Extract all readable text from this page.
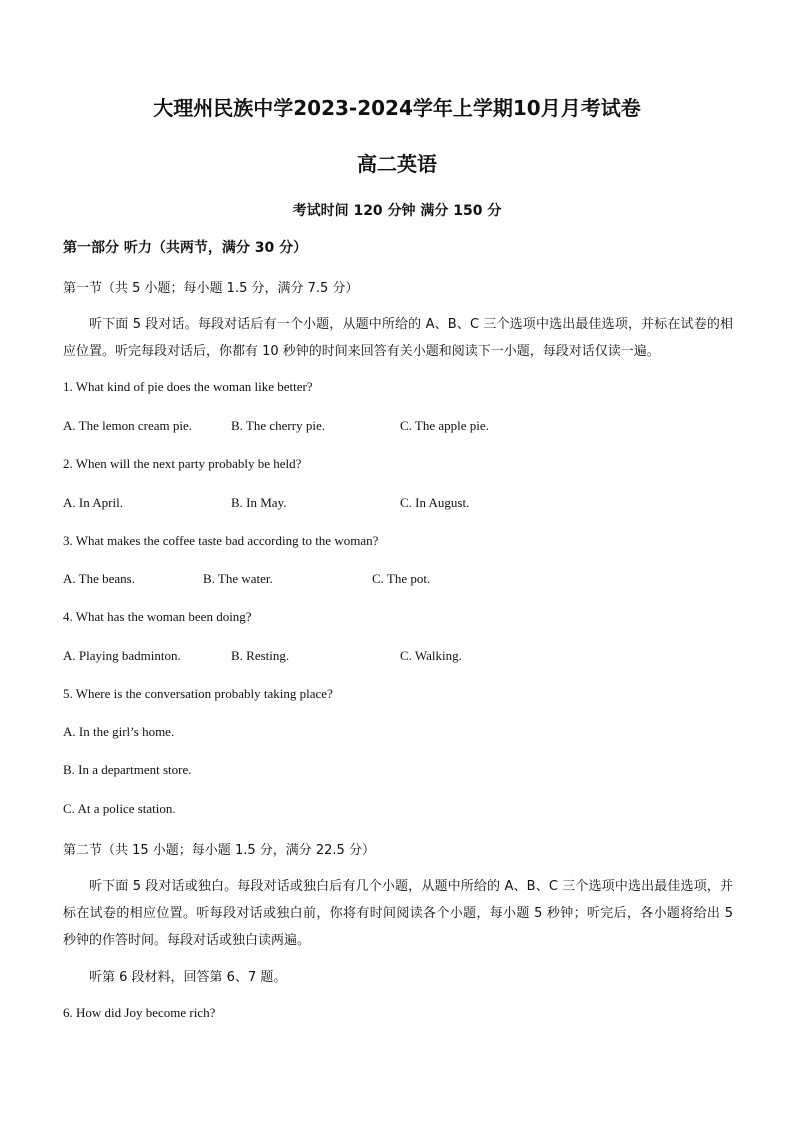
大理州民族中学2023-2024学年上学期10月月考试卷
高二英语
考试时间 120 分钟 满分 150 分
第一部分 听力（共两节，满分 30 分）
第一节（共 5 小题；每小题 1.5 分，满分 7.5 分）
听下面 5 段对话。每段对话后有一个小题，从题中所给的 A、B、C 三个选项中选出最佳选项，并标在试卷的相应位置。听完每段对话后，你都有 10 秒钟的时间来回答有关小题和阅读下一小题，每段对话仅读一遍。
1. What kind of pie does the woman like better?
A. The lemon cream pie.	B. The cherry pie.	C. The apple pie.
2. When will the next party probably be held?
A. In April.	B. In May.	C. In August.
3. What makes the coffee taste bad according to the woman?
A. The beans.	B. The water.	C. The pot.
4. What has the woman been doing?
A. Playing badminton.	B. Resting.	C. Walking.
5. Where is the conversation probably taking place?
A. In the girl’s home.
B. In a department store.
C. At a police station.
第二节（共 15 小题；每小题 1.5 分，满分 22.5 分）
听下面 5 段对话或独白。每段对话或独白后有几个小题，从题中所给的 A、B、C 三个选项中选出最佳选项，并标在试卷的相应位置。听每段对话或独白前，你将有时间阅读各个小题，每小题 5 秒钟；听完后，各小题将给出 5 秒钟的作答时间。每段对话或独白读两遍。
听第 6 段材料，回答第 6、7 题。
6. How did Joy become rich?
